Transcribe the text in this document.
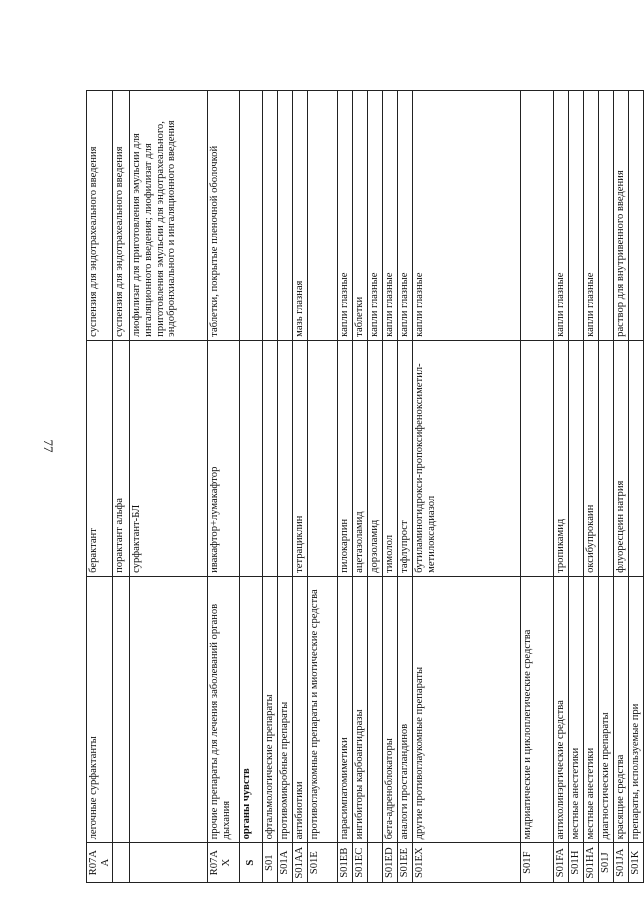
77
R07AA	легочные сурфактанты	берактант	суспензия для эндотрахеального введения
		порактант альфа	суспензия для эндотрахеального введения
		сурфактант-БЛ	лиофилизат для приготовления эмульсии для ингаляционного введения; лиофилизат для приготовления эмульсии для эндотрахеального, эндобронхиального и ингаляционного введения
R07AX	прочие препараты для лечения заболеваний органов дыхания	ивакафтор+лумакафтор	таблетки, покрытые пленочной оболочкой
S	органы чувств		
S01	офтальмологические препараты		
S01A	противомикробные препараты		
S01AA	антибиотики	тетрациклин	мазь глазная
S01E	противоглаукомные препараты и миотические средства		
S01EB	парасимпатомиметики	пилокарпин	капли глазные
S01EC	ингибиторы карбоангидразы	ацетазоламид	таблетки
		дорзоламид	капли глазные
S01ED	бета-адреноблокаторы	тимолол	капли глазные
S01EE	аналоги простагландинов	тафлупрост	капли глазные
S01EX	другие противоглаукомные препараты	бутиламиногидрокси-пропоксифеноксиметил-метилоксадиазол	капли глазные
S01F	мидриатические и циклоплегические средства		
S01FA	антихолинэргические средства	тропикамид	капли глазные
S01H	местные анестетики		
S01HA	местные анестетики	оксибупрокаин	капли глазные
S01J	диагностические препараты		
S01JA	красящие средства	флуоресцеин натрия	раствор для внутривенного введения
S01K	препараты, используемые при		
